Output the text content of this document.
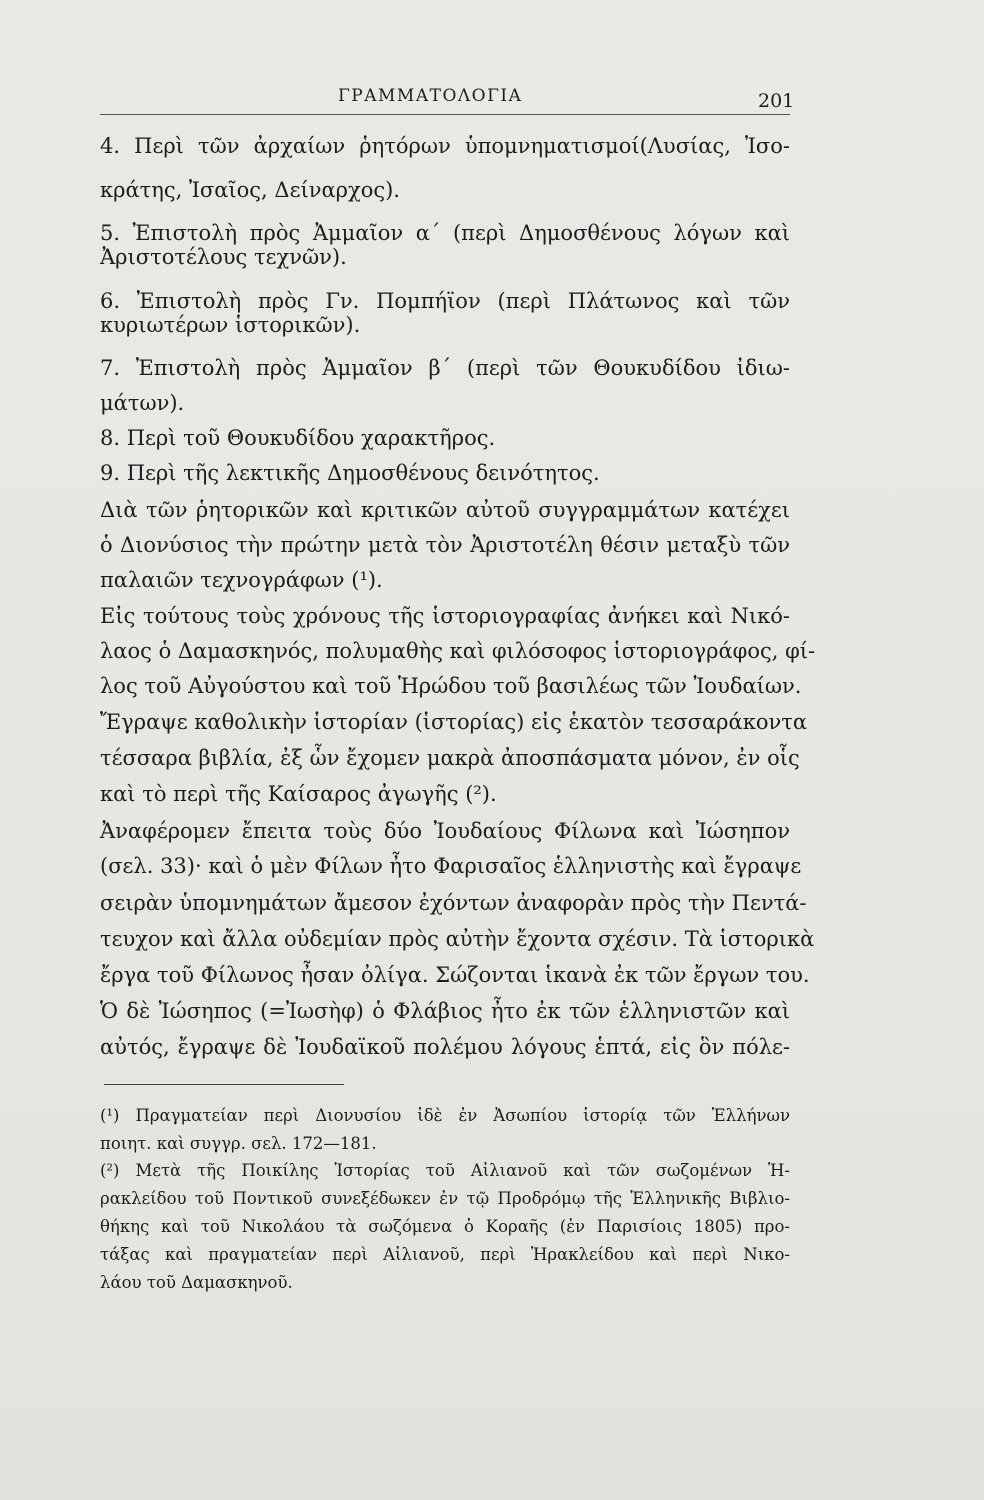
ΓΡΑΜΜΑΤΟΛΟΓΙΑ	201
4. Περὶ τῶν ἀρχαίων ῥητόρων ὑπομνηματισμοί(Λυσίας, Ἰσο-
κράτης, Ἰσαῖος, Δείναρχος).
5. Ἐπιστολὴ πρὸς Ἀμμαῖον α΄ (περὶ Δημοσθένους λόγων καὶ
Ἀριστοτέλους τεχνῶν).
6. Ἐπιστολὴ πρὸς Γν. Πομπήϊον (περὶ Πλάτωνος καὶ τῶν
κυριωτέρων ἱστορικῶν).
7. Ἐπιστολὴ πρὸς Ἀμμαῖον β΄ (περὶ τῶν Θουκυδίδου ἰδιω-
μάτων).
8. Περὶ τοῦ Θουκυδίδου χαρακτῆρος.
9. Περὶ τῆς λεκτικῆς Δημοσθένους δεινότητος.
Διὰ τῶν ῥητορικῶν καὶ κριτικῶν αὐτοῦ συγγραμμάτων κατέχει
ὁ Διονύσιος τὴν πρώτην μετὰ τὸν Ἀριστοτέλη θέσιν μεταξὺ τῶν
παλαιῶν τεχνογράφων (¹).
Εἰς τούτους τοὺς χρόνους τῆς ἱστοριογραφίας ἀνήκει καὶ Νικό-
λαος ὁ Δαμασκηνός, πολυμαθὴς καὶ φιλόσοφος ἱστοριογράφος, φί-
λος τοῦ Αὐγούστου καὶ τοῦ Ἡρώδου τοῦ βασιλέως τῶν Ἰουδαίων.
Ἔγραψε καθολικὴν ἱστορίαν (ἱστορίας) εἰς ἑκατὸν τεσσαράκοντα
τέσσαρα βιβλία, ἐξ ὧν ἔχομεν μακρὰ ἀποσπάσματα μόνον, ἐν οἷς
καὶ τὸ περὶ τῆς Καίσαρος ἀγωγῆς (²).
Ἀναφέρομεν ἔπειτα τοὺς δύο Ἰουδαίους Φίλωνα καὶ Ἰώσηπον
(σελ. 33)· καὶ ὁ μὲν Φίλων ἦτο Φαρισαῖος ἑλληνιστὴς καὶ ἔγραψε
σειρὰν ὑπομνημάτων ἄμεσον ἐχόντων ἀναφορὰν πρὸς τὴν Πεντά-
τευχον καὶ ἄλλα οὐδεμίαν πρὸς αὐτὴν ἔχοντα σχέσιν. Τὰ ἱστορικὰ
ἔργα τοῦ Φίλωνος ἦσαν ὀλίγα. Σώζονται ἱκανὰ ἐκ τῶν ἔργων του.
Ὁ δὲ Ἰώσηπος (=Ἰωσὴφ) ὁ Φλάβιος ἦτο ἐκ τῶν ἑλληνιστῶν καὶ
αὐτός, ἔγραψε δὲ Ἰουδαϊκοῦ πολέμου λόγους ἑπτά, εἰς ὃν πόλε-
(¹) Πραγματείαν περὶ Διονυσίου ἰδὲ ἐν Ἀσωπίου ἱστορίᾳ τῶν Ἑλλήνων
ποιητ. καὶ συγγρ. σελ. 172—181.
(²) Μετὰ τῆς Ποικίλης Ἱστορίας τοῦ Αἰλιανοῦ καὶ τῶν σωζομένων Ἡ-
ρακλείδου τοῦ Ποντικοῦ συνεξέδωκεν ἐν τῷ Προδρόμῳ τῆς Ἑλληνικῆς Βιβλιο-
θήκης καὶ τοῦ Νικολάου τὰ σωζόμενα ὁ Κοραῆς (ἐν Παρισίοις 1805) προ-
τάξας καὶ πραγματείαν περὶ Αἰλιανοῦ, περὶ Ἡρακλείδου καὶ περὶ Νικο-
λάου τοῦ Δαμασκηνοῦ.
